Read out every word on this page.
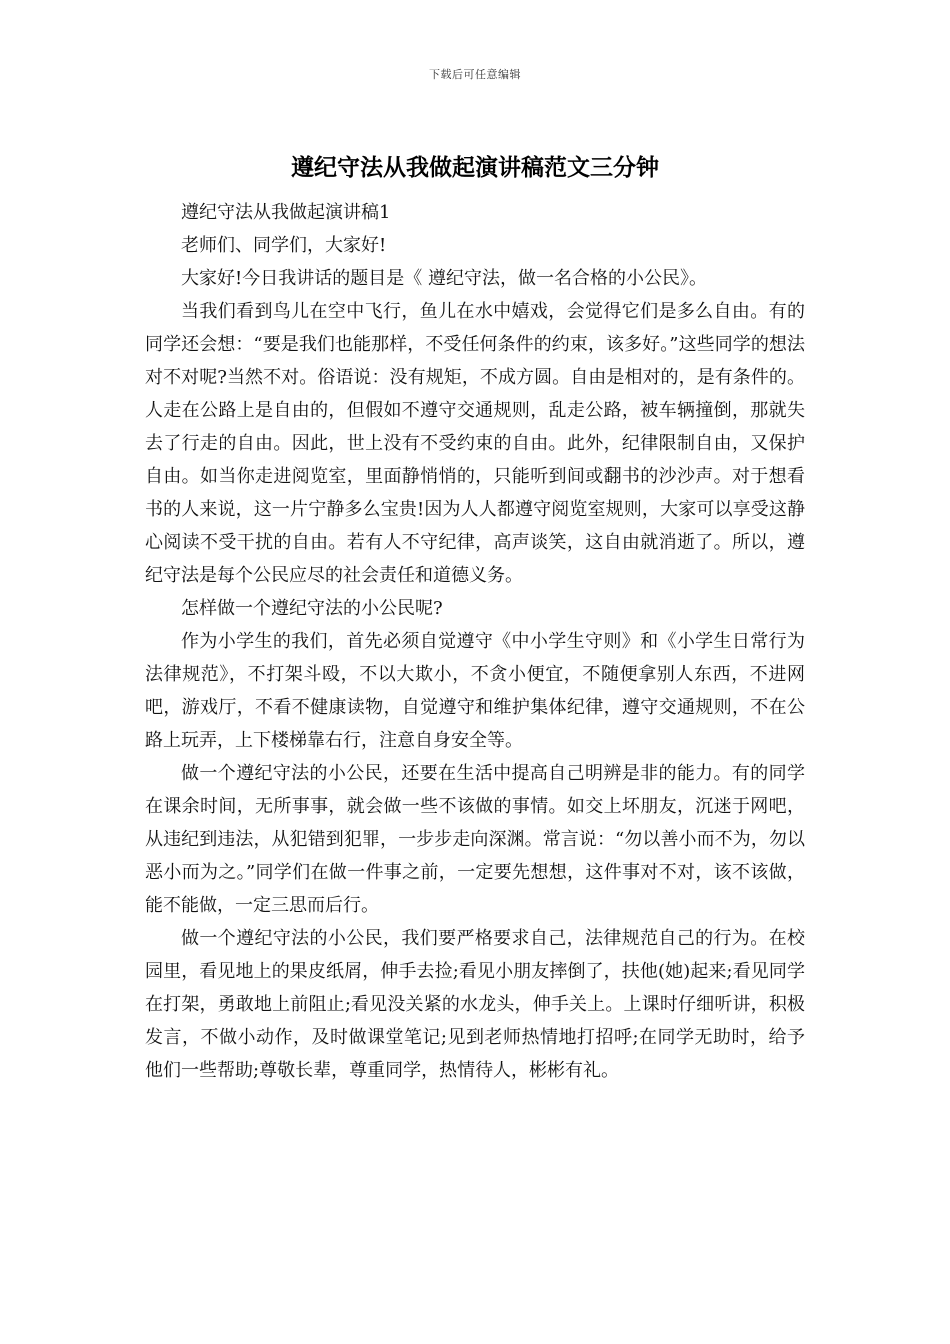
下载后可任意编辑
遵纪守法从我做起演讲稿范文三分钟

遵纪守法从我做起演讲稿1

老师们、同学们，大家好!

大家好!今日我讲话的题目是《 遵纪守法，做一名合格的小公民》。

当我们看到鸟儿在空中飞行，鱼儿在水中嬉戏，会觉得它们是多么自由。有的同学还会想：“要是我们也能那样，不受任何条件的约束，该多好。”这些同学的想法对不对呢?当然不对。俗语说：没有规矩，不成方圆。自由是相对的，是有条件的。人走在公路上是自由的，但假如不遵守交通规则，乱走公路，被车辆撞倒，那就失去了行走的自由。因此，世上没有不受约束的自由。此外，纪律限制自由，又保护自由。如当你走进阅览室，里面静悄悄的，只能听到间或翻书的沙沙声。对于想看书的人来说，这一片宁静多么宝贵!因为人人都遵守阅览室规则，大家可以享受这静心阅读不受干扰的自由。若有人不守纪律，高声谈笑，这自由就消逝了。所以，遵纪守法是每个公民应尽的社会责任和道德义务。

怎样做一个遵纪守法的小公民呢?

作为小学生的我们，首先必须自觉遵守《中小学生守则》和《小学生日常行为法律规范》，不打架斗殴，不以大欺小，不贪小便宜，不随便拿别人东西，不进网吧，游戏厅，不看不健康读物，自觉遵守和维护集体纪律，遵守交通规则，不在公路上玩弄，上下楼梯靠右行，注意自身安全等。

做一个遵纪守法的小公民，还要在生活中提高自己明辨是非的能力。有的同学在课余时间，无所事事，就会做一些不该做的事情。如交上坏朋友，沉迷于网吧，从违纪到违法，从犯错到犯罪，一步步走向深渊。常言说：“勿以善小而不为，勿以恶小而为之。”同学们在做一件事之前，一定要先想想，这件事对不对，该不该做，能不能做，一定三思而后行。

做一个遵纪守法的小公民，我们要严格要求自己，法律规范自己的行为。在校园里，看见地上的果皮纸屑，伸手去捡;看见小朋友摔倒了，扶他(她)起来;看见同学在打架，勇敢地上前阻止;看见没关紧的水龙头，伸手关上。上课时仔细听讲，积极发言，不做小动作，及时做课堂笔记;见到老师热情地打招呼;在同学无助时，给予他们一些帮助;尊敬长辈，尊重同学，热情待人，彬彬有礼。
